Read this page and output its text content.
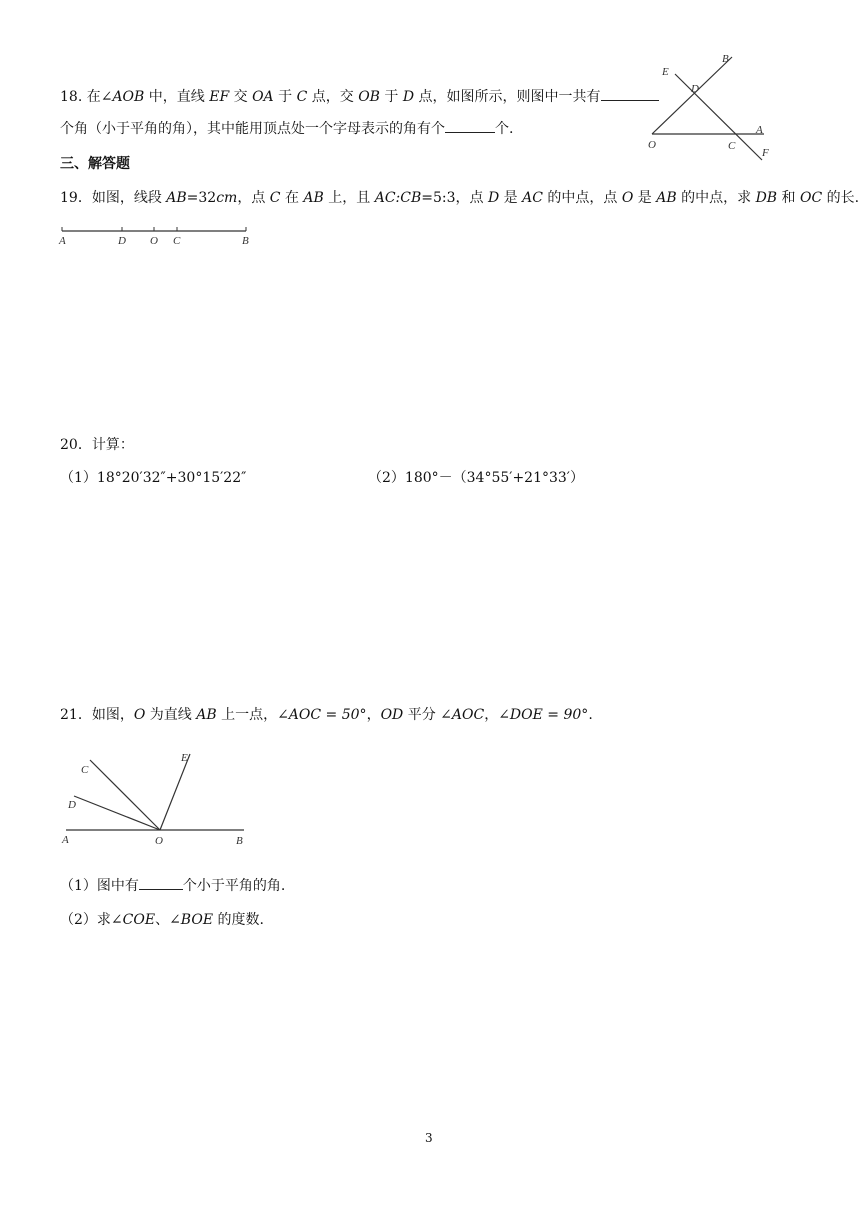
18. 在∠AOB 中，直线 EF 交 OA 于 C 点，交 OB 于 D 点，如图所示，则图中一共有
个角（小于平角的角），其中能用顶点处一个字母表示的角有个	个.
E
B
D
O	C
A
F
三、解答题
19．如图，线段 AB=32cm，点 C 在 AB 上，且 AC:CB=5:3，点 D 是 AC 的中点，点 O 是 AB 的中点，求 DB 和 OC 的长.
A	D O C	B
20．计算：
（1）18°20′32″+30°15′22″	（2）180°－（34°55′+21°33′）
21．如图，O 为直线 AB 上一点，∠AOC = 50°，OD 平分 ∠AOC，∠DOE = 90°.
C
E
D
A	O	B
（1）图中有	个小于平角的角.
（2）求∠COE、∠BOE 的度数.
3
